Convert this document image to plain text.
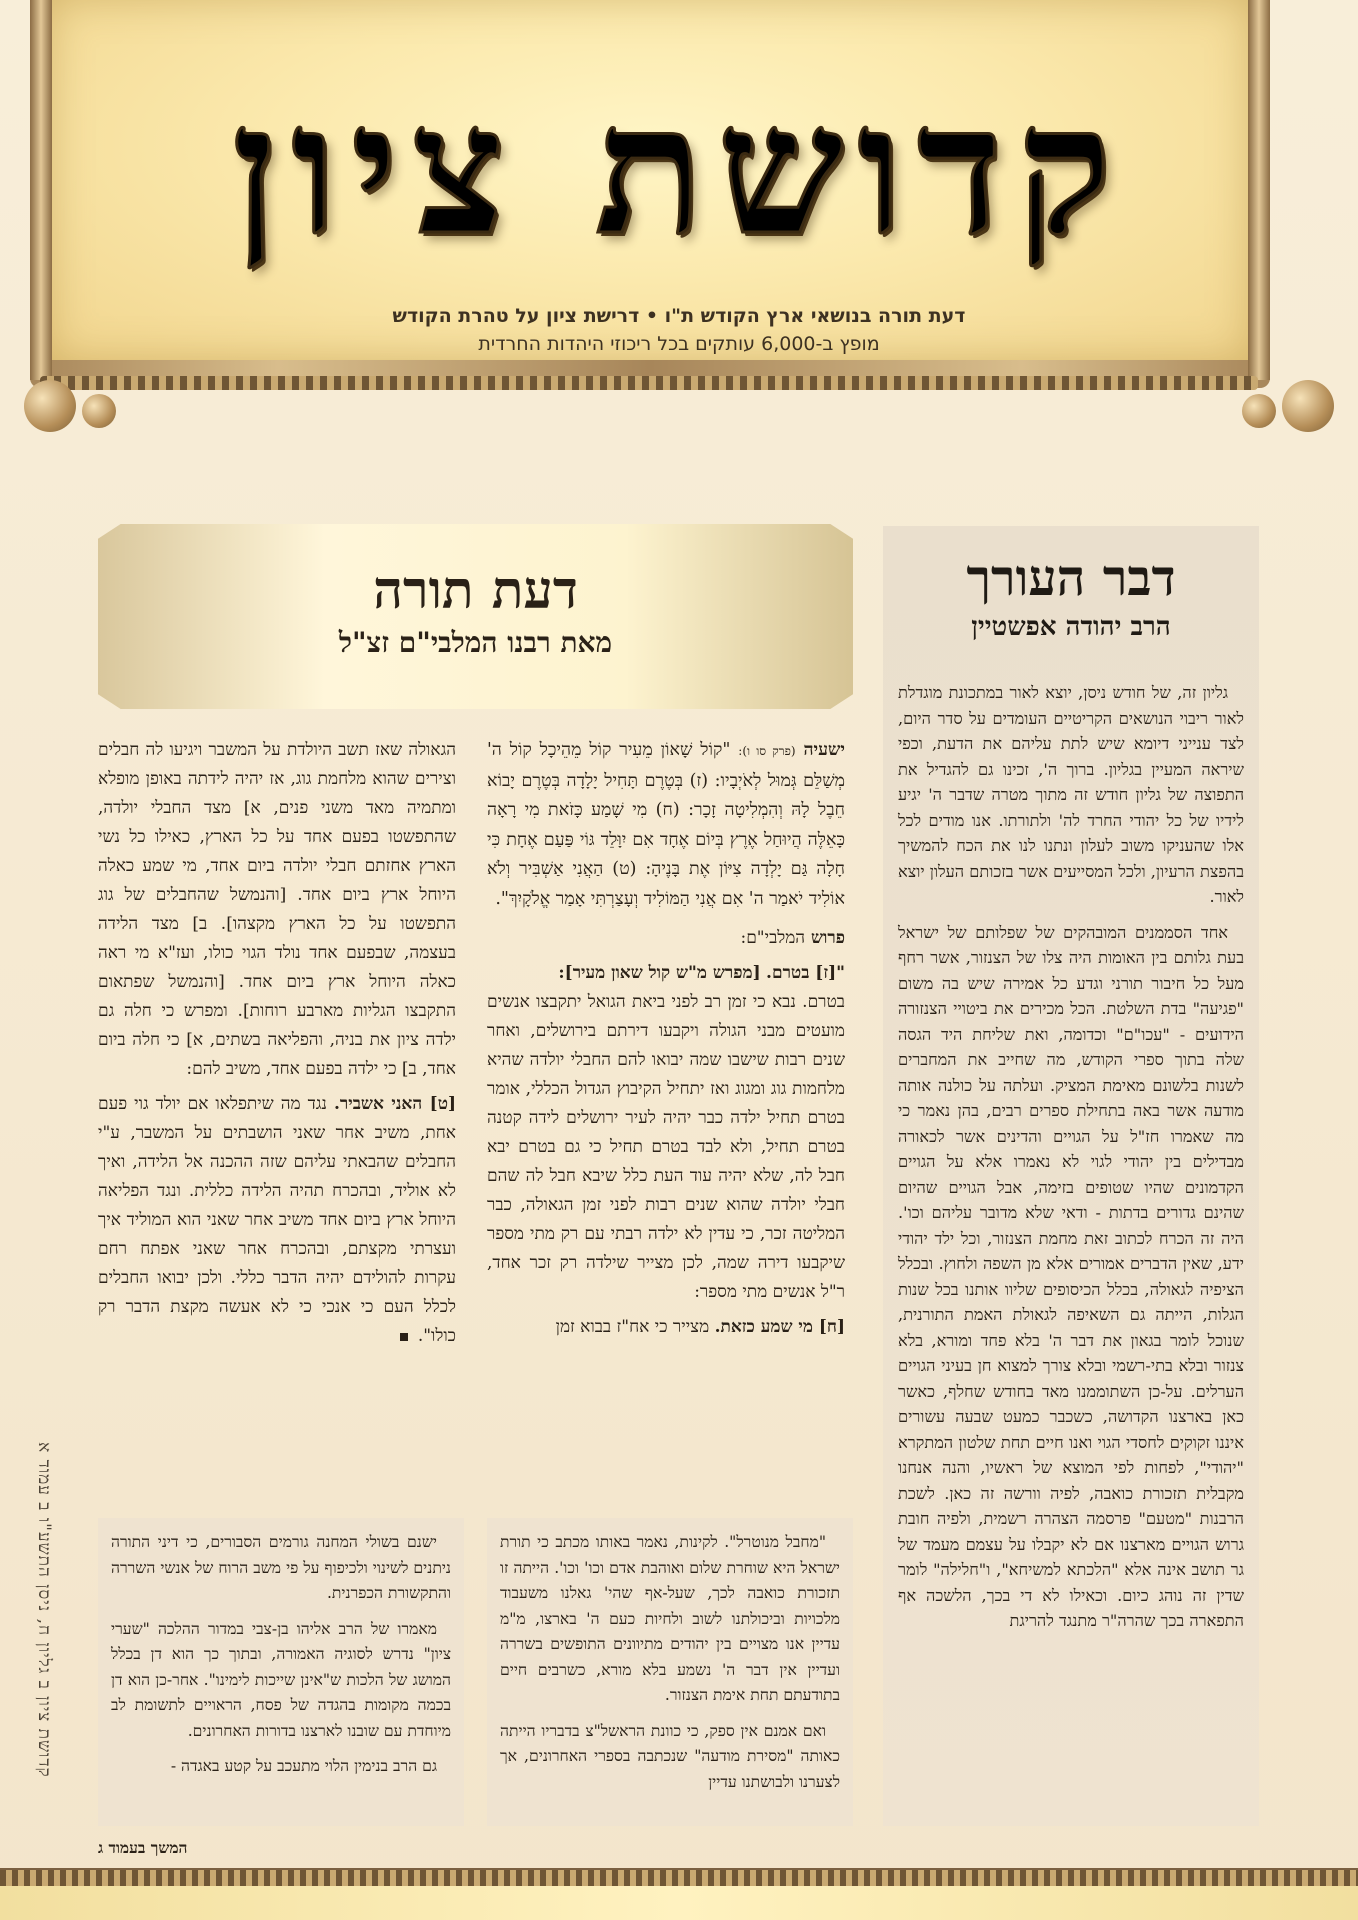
קדושת ציון
דעת תורה בנושאי ארץ הקודש ת"ו • דרישת ציון על טהרת הקודש
מופץ ב-6,000 עותקים בכל ריכוזי היהדות החרדית
דבר העורך
הרב יהודה אפשטיין

גליון זה, של חודש ניסן, יוצא לאור במתכונת מוגדלת לאור ריבוי הנושאים הקריטיים העומדים על סדר היום, לצד ענייני דיומא שיש לתת עליהם את הדעת, וכפי שיראה המעיין בגליון. ברוך ה', זכינו גם להגדיל את התפוצה של גליון חודש זה מתוך מטרה שדבר ה' יגיע לידיו של כל יהודי החרד לה' ולתורתו. אנו מודים לכל אלו שהעניקו משוב לעלון ונתנו לנו את הכח להמשיך בהפצת הרעיון, ולכל המסייעים אשר בזכותם העלון יוצא לאור.

אחד הסממנים המובהקים של שפלותם של ישראל בעת גלותם בין האומות היה צלו של הצנזור, אשר רחף מעל כל חיבור תורני וגדע כל אמירה שיש בה משום "פגיעה" בדת השלטת. הכל מכירים את ביטויי הצנזורה הידועים - "עכו"ם" וכדומה, ואת שליחת היד הגסה שלה בתוך ספרי הקודש, מה שחייב את המחברים לשנות בלשונם מאימת המציק. ועלתה על כולנה אותה מודעה אשר באה בתחילת ספרים רבים, בהן נאמר כי מה שאמרו חז"ל על הגויים והדינים אשר לכאורה מבדילים בין יהודי לגוי לא נאמרו אלא על הגויים הקדמונים שהיו שטופים בזימה, אבל הגויים שהיום שהינם גדורים בדתות - ודאי שלא מדובר עליהם וכו'. היה זה הכרח לכתוב זאת מחמת הצנזור, וכל ילד יהודי ידע, שאין הדברים אמורים אלא מן השפה ולחוץ. ובכלל הציפיה לגאולה, בכלל הכיסופים שליוו אותנו בכל שנות הגלות, הייתה גם השאיפה לגאולת האמת התורנית, שנוכל לומר בגאון את דבר ה' בלא פחד ומורא, בלא צנזור ובלא בתי-רשמי ובלא צורך למצוא חן בעיני הגויים הערלים. על-כן השתוממנו מאד בחודש שחלף, כאשר כאן בארצנו הקדושה, כשכבר כמעט שבעה עשורים איננו זקוקים לחסדי הגוי ואנו חיים תחת שלטון המתקרא "יהודי", לפחות לפי המוצא של ראשיו, והנה אנחנו מקבלית תזכורת כואבה, לפיה וורשה זה כאן. לשכת הרבנות "מטעם" פרסמה הצהרה רשמית, ולפיה חובת גרוש הגויים מארצנו אם לא יקבלו על עצמם מעמד של גר תושב אינה אלא "הלכתא למשיחא", ו"חלילה" לומר שדין זה נוהג כיום. וכאילו לא די בכך, הלשכה אף התפארה בכך שהרה"ר מתנגד להריגת

דעת תורה
מאת רבנו המלבי"ם זצ"ל

ישעיה (פרק סו ו): "קוֹל שָׁאוֹן מֵעִיר קוֹל מֵהֵיכָל קוֹל ה' מְשַׁלֵּם גְּמוּל לְאֹיְבָיו: (ז) בְּטֶרֶם תָּחִיל יָלָדָה בְּטֶרֶם יָבוֹא חֵבֶל לָהּ וְהִמְלִיטָה זָכָר: (ח) מִי שָׁמַע כָּזֹאת מִי רָאָה כָּאֵלֶּה הֲיוּחַל אֶרֶץ בְּיוֹם אֶחָד אִם יִוָּלֵד גּוֹי פַּעַם אֶחָת כִּי חָלָה גַּם יָלְדָה צִיּוֹן אֶת בָּנֶיהָ: (ט) הַאֲנִי אַשְׁבִּיר וְלֹא אוֹלִיד יֹאמַר ה' אִם אֲנִי הַמּוֹלִיד וְעָצַרְתִּי אָמַר אֱלֹקָיִךְ".

פרוש המלבי"ם:

"[ז] בטרם. [מפרש מ"ש קול שאון מעיר]:
בטרם. נבא כי זמן רב לפני ביאת הגואל יתקבצו אנשים מועטים מבני הגולה ויקבעו דירתם בירושלים, ואחר שנים רבות שישבו שמה יבואו להם החבלי יולדה שהיא מלחמות גוג ומגוג ואז יתחיל הקיבוץ הגדול הכללי, אומר בטרם תחיל ילדה כבר יהיה לעיר ירושלים לידה קטנה בטרם תחיל, ולא לבד בטרם תחיל כי גם בטרם יבא חבל לה, שלא יהיה עוד העת כלל שיבא חבל לה שהם חבלי יולדה שהוא שנים רבות לפני זמן הגאולה, כבר המליטה זכר, כי עדין לא ילדה רבתי עם רק מתי מספר שיקבעו דירה שמה, לכן מצייר שילדה רק זכר אחד, ר"ל אנשים מתי מספר:

[ח] מי שמע כזאת. מצייר כי אח"ז בבוא זמן

הגאולה שאז תשב היולדת על המשבר ויגיעו לה חבלים וצירים שהוא מלחמת גוג, אז יהיה לידתה באופן מופלא ומתמיה מאד משני פנים, א] מצד החבלי יולדה, שהתפשטו בפעם אחד על כל הארץ, כאילו כל נשי הארץ אחזתם חבלי יולדה ביום אחד, מי שמע כאלה היוחל ארץ ביום אחד. [והנמשל שהחבלים של גוג התפשטו על כל הארץ מקצהו]. ב] מצד הלידה בעצמה, שבפעם אחד נולד הגוי כולו, ועז"א מי ראה כאלה היוחל ארץ ביום אחד. [והנמשל שפתאום התקבצו הגליות מארבע רוחות]. ומפרש כי חלה גם ילדה ציון את בניה, והפליאה בשתים, א] כי חלה ביום אחד, ב] כי ילדה בפעם אחד, משיב להם:

[ט] האני אשביר. נגד מה שיתפלאו אם יולד גוי פעם אחת, משיב אחר שאני הושבתים על המשבר, ע"י החבלים שהבאתי עליהם שזה ההכנה אל הלידה, ואיך לא אוליד, ובהכרח תהיה הלידה כללית. ונגד הפליאה היוחל ארץ ביום אחד משיב אחר שאני הוא המוליד איך ועצרתי מקצתם, ובהכרח אחר שאני אפתח רחם עקרות להולידם יהיה הדבר כללי. ולכן יבואו החבלים לכלל העם כי אנכי כי לא אעשה מקצת הדבר רק כולו".

"מחבל מנוטרל". לקינות, נאמר באותו מכתב כי תורת ישראל היא שוחרת שלום ואוהבת אדם וכו' וכו'. הייתה זו תזכורת כואבה לכך, שעל-אף שהי' גאלנו משעבוד מלכויות וביכולתנו לשוב ולחיות כעם ה' בארצו, מ"מ עדיין אנו מצויים בין יהודים מתיוונים התופשים בשררה ועדיין אין דבר ה' נשמע בלא מורא, כשרבים חיים בתודעתם תחת אימת הצנזור.

ואם אמנם אין ספק, כי כוונת הראשל"צ בדבריו הייתה כאותה "מסירת מודעה" שנכתבה בספרי האחרונים, אך לצערנו ולבושתנו עדיין

ישנם בשולי המחנה גורמים הסבורים, כי דיני התורה ניתנים לשינוי ולכיפוף על פי משב הרוח של אנשי השררה והתקשורת הכפרנית.

מאמרו של הרב אליהו בן-צבי במדור ההלכה "שערי ציון" נדרש לסוגיה האמורה, ובתוך כך הוא דן בכלל המושג של הלכות ש"אינן שייכות לימינו". אחר-כן הוא דן בכמה מקומות בהגדה של פסח, הראויים לתשומת לב מיוחדת עם שובנו לארצנו בדורות האחרונים.

גם הרב בנימין הלוי מתעכב על קטע באגדה -

קדושת ציון ב גליון ח, ניסן התשע"ו ב עמוד א
המשך בעמוד ג
